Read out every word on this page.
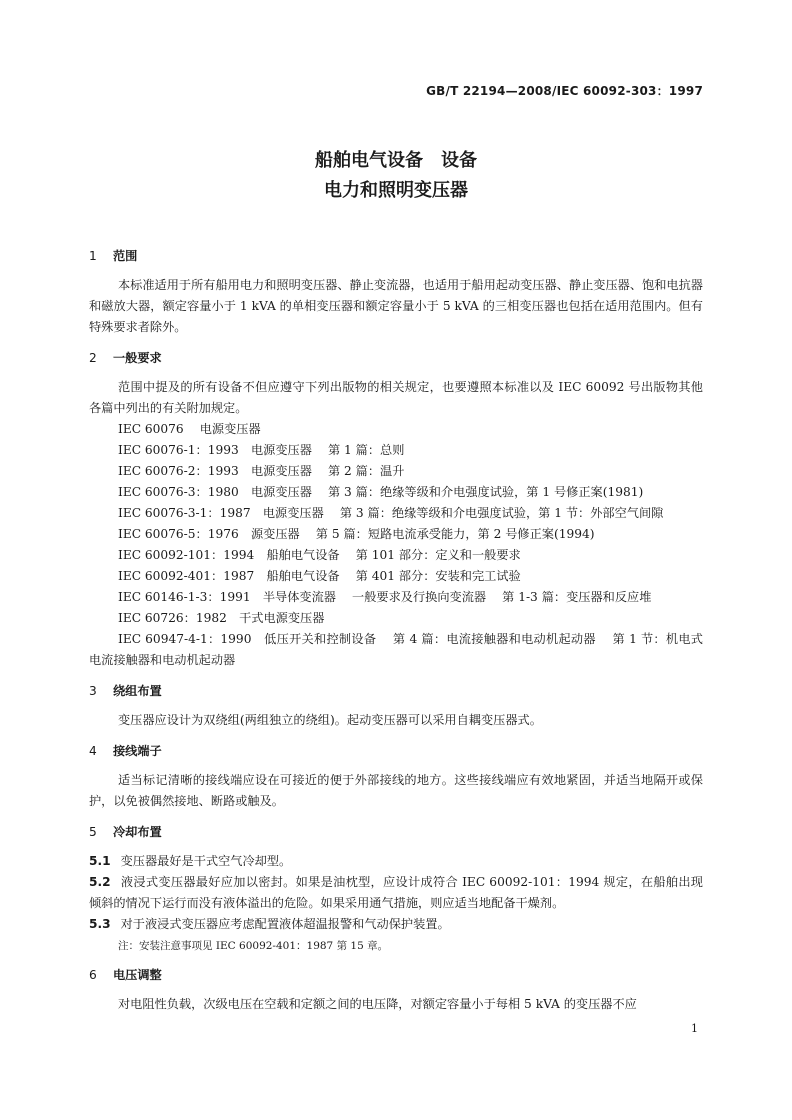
GB/T 22194—2008/IEC 60092-303：1997
船舶电气设备　设备
电力和照明变压器
1 范围

本标准适用于所有船用电力和照明变压器、静止变流器，也适用于船用起动变压器、静止变压器、饱和电抗器和磁放大器，额定容量小于 1 kVA 的单相变压器和额定容量小于 5 kVA 的三相变压器也包括在适用范围内。但有特殊要求者除外。

2 一般要求

范围中提及的所有设备不但应遵守下列出版物的相关规定，也要遵照本标准以及 IEC 60092 号出版物其他各篇中列出的有关附加规定。

IEC 60076　 电源变压器
IEC 60076-1：1993　电源变压器　 第 1 篇：总则
IEC 60076-2：1993　电源变压器　 第 2 篇：温升
IEC 60076-3：1980　电源变压器　 第 3 篇：绝缘等级和介电强度试验，第 1 号修正案(1981)
IEC 60076-3-1：1987　电源变压器　 第 3 篇：绝缘等级和介电强度试验，第 1 节：外部空气间隙
IEC 60076-5：1976　源变压器　 第 5 篇：短路电流承受能力，第 2 号修正案(1994)
IEC 60092-101：1994　船舶电气设备　 第 101 部分：定义和一般要求
IEC 60092-401：1987　船舶电气设备　 第 401 部分：安装和完工试验
IEC 60146-1-3：1991　半导体变流器　 一般要求及行换向变流器　 第 1-3 篇：变压器和反应堆
IEC 60726：1982　干式电源变压器

IEC 60947-4-1：1990　低压开关和控制设备　 第 4 篇：电流接触器和电动机起动器　 第 1 节：机电式电流接触器和电动机起动器

3 绕组布置

变压器应设计为双绕组(两组独立的绕组)。起动变压器可以采用自耦变压器式。

4 接线端子

适当标记清晰的接线端应设在可接近的便于外部接线的地方。这些接线端应有效地紧固，并适当地隔开或保护，以免被偶然接地、断路或触及。

5 冷却布置

5.1 变压器最好是干式空气冷却型。

5.2 液浸式变压器最好应加以密封。如果是油枕型，应设计成符合 IEC 60092-101：1994 规定，在船舶出现倾斜的情况下运行而没有液体溢出的危险。如果采用通气措施，则应适当地配备干燥剂。

5.3 对于液浸式变压器应考虑配置液体超温报警和气动保护装置。

注：安装注意事项见 IEC 60092-401：1987 第 15 章。
6 电压调整

对电阻性负载，次级电压在空载和定额之间的电压降，对额定容量小于每相 5 kVA 的变压器不应

1
